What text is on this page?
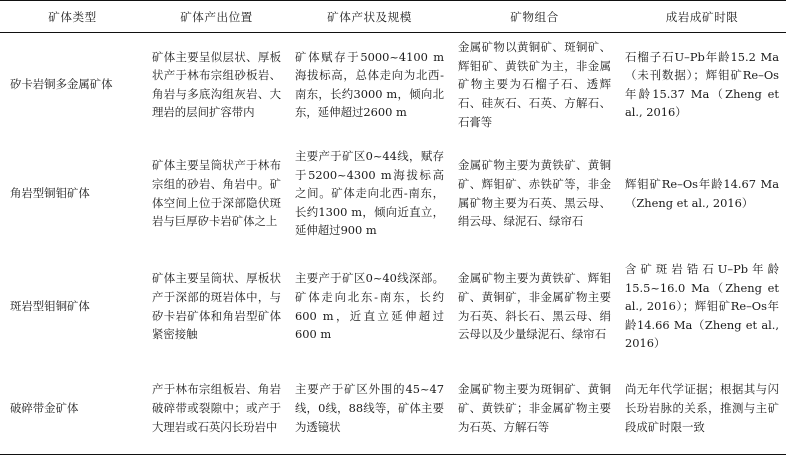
矿体类型	矿体产出位置	矿体产状及规模	矿物组合	成岩成矿时限
矽卡岩铜多金属矿体	矿体主要呈似层状、厚板状产于林布宗组砂板岩、角岩与多底沟组灰岩、大理岩的层间扩容带内	矿体赋存于5000~4100 m海拔标高，总体走向为北西-南东，长约3000 m，倾向北东，延伸超过2600 m	金属矿物以黄铜矿、斑铜矿、辉钼矿、黄铁矿为主，非金属矿物主要为石榴子石、透辉石、硅灰石、石英、方解石、石膏等	石榴子石U–Pb年龄15.2 Ma（未刊数据）；辉钼矿Re–Os年龄15.37 Ma（Zheng et al., 2016）
角岩型铜钼矿体	矿体主要呈筒状产于林布宗组的砂岩、角岩中。矿体空间上位于深部隐伏斑岩与巨厚矽卡岩矿体之上	主要产于矿区0~44线，赋存于5200~4300 m海拔标高之间。矿体走向北西-南东，长约1300 m，倾向近直立，延伸超过900 m	金属矿物主要为黄铁矿、黄铜矿、辉钼矿、赤铁矿等，非金属矿物主要为石英、黑云母、绢云母、绿泥石、绿帘石	辉钼矿Re–Os年龄14.67 Ma（Zheng et al., 2016）
斑岩型钼铜矿体	矿体主要呈筒状、厚板状产于深部的斑岩体中，与矽卡岩矿体和角岩型矿体紧密接触	主要产于矿区0~40线深部。矿体走向北东-南东，长约600 m，近直立延伸超过600 m	金属矿物主要为黄铁矿、辉钼矿、黄铜矿，非金属矿物主要为石英、斜长石、黑云母、绢云母以及少量绿泥石、绿帘石	含矿斑岩锆石U–Pb年龄15.5~16.0 Ma（Zheng et al., 2016）；辉钼矿Re–Os年龄14.66 Ma（Zheng et al., 2016）
破碎带金矿体	产于林布宗组板岩、角岩破碎带或裂隙中；或产于大理岩或石英闪长玢岩中	主要产于矿区外围的45~47线，0线，88线等，矿体主要为透镜状	金属矿物主要为斑铜矿、黄铜矿、黄铁矿；非金属矿物主要为石英、方解石等	尚无年代学证据；根据其与闪长玢岩脉的关系，推测与主矿段成矿时限一致
